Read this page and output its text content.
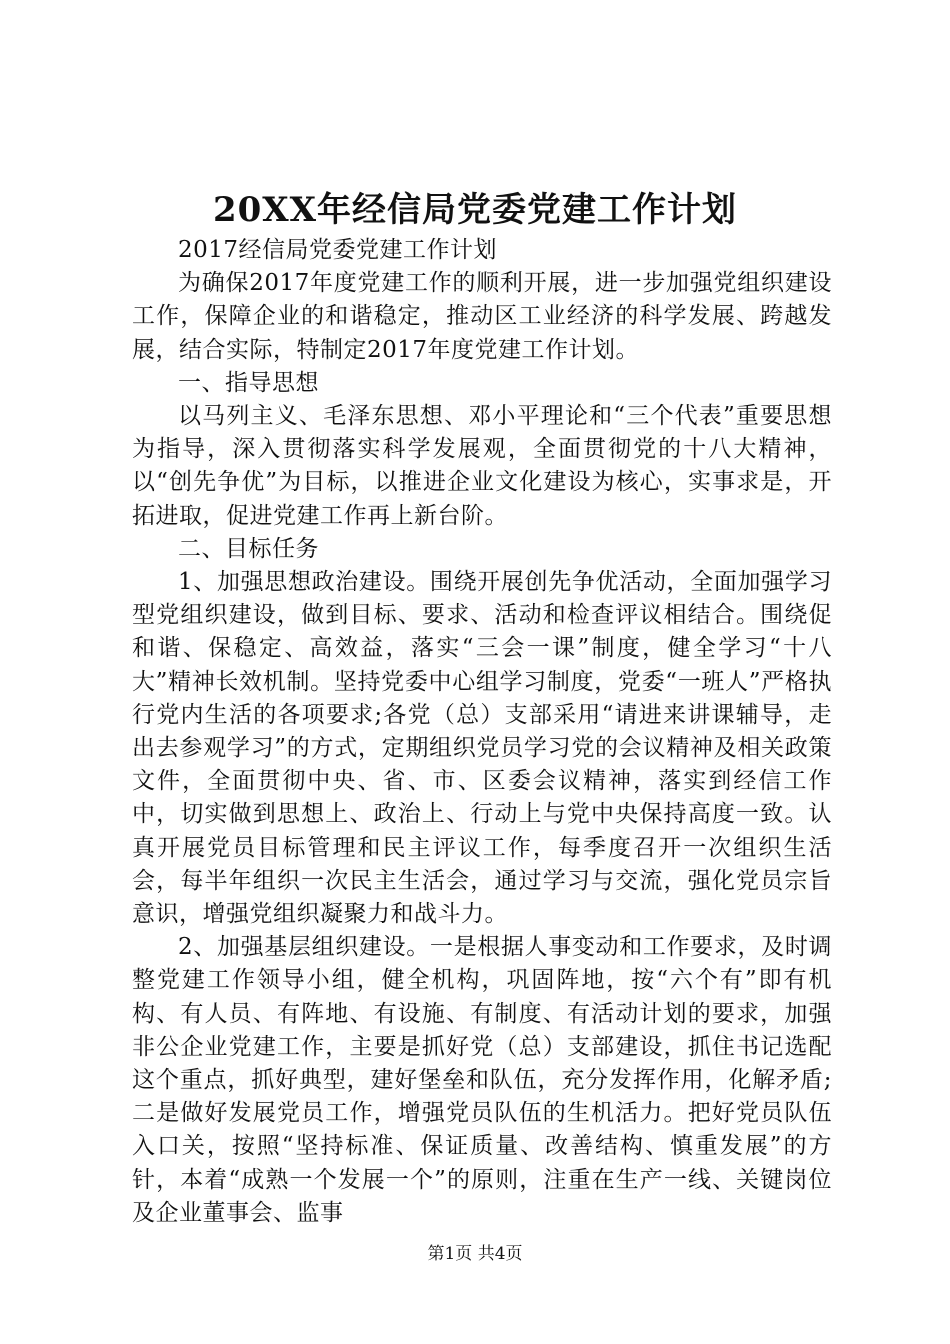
20XX年经信局党委党建工作计划

2017经信局党委党建工作计划

为确保2017年度党建工作的顺利开展，进一步加强党组织建设工作，保障企业的和谐稳定，推动区工业经济的科学发展、跨越发展，结合实际，特制定2017年度党建工作计划。

一、指导思想

以马列主义、毛泽东思想、邓小平理论和“三个代表”重要思想为指导，深入贯彻落实科学发展观，全面贯彻党的十八大精神，以“创先争优”为目标，以推进企业文化建设为核心，实事求是，开拓进取，促进党建工作再上新台阶。

二、目标任务

1、加强思想政治建设。围绕开展创先争优活动，全面加强学习型党组织建设，做到目标、要求、活动和检查评议相结合。围绕促和谐、保稳定、高效益，落实“三会一课”制度，健全学习“十八大”精神长效机制。坚持党委中心组学习制度，党委“一班人”严格执行党内生活的各项要求;各党（总）支部采用“请进来讲课辅导，走出去参观学习”的方式，定期组织党员学习党的会议精神及相关政策文件，全面贯彻中央、省、市、区委会议精神，落实到经信工作中，切实做到思想上、政治上、行动上与党中央保持高度一致。认真开展党员目标管理和民主评议工作，每季度召开一次组织生活会，每半年组织一次民主生活会，通过学习与交流，强化党员宗旨意识，增强党组织凝聚力和战斗力。

2、加强基层组织建设。一是根据人事变动和工作要求，及时调整党建工作领导小组，健全机构，巩固阵地，按“六个有”即有机构、有人员、有阵地、有设施、有制度、有活动计划的要求，加强非公企业党建工作，主要是抓好党（总）支部建设，抓住书记选配这个重点，抓好典型，建好堡垒和队伍，充分发挥作用，化解矛盾;二是做好发展党员工作，增强党员队伍的生机活力。把好党员队伍入口关，按照“坚持标准、保证质量、改善结构、慎重发展”的方针，本着“成熟一个发展一个”的原则，注重在生产一线、关键岗位及企业董事会、监事

第1页 共4页
